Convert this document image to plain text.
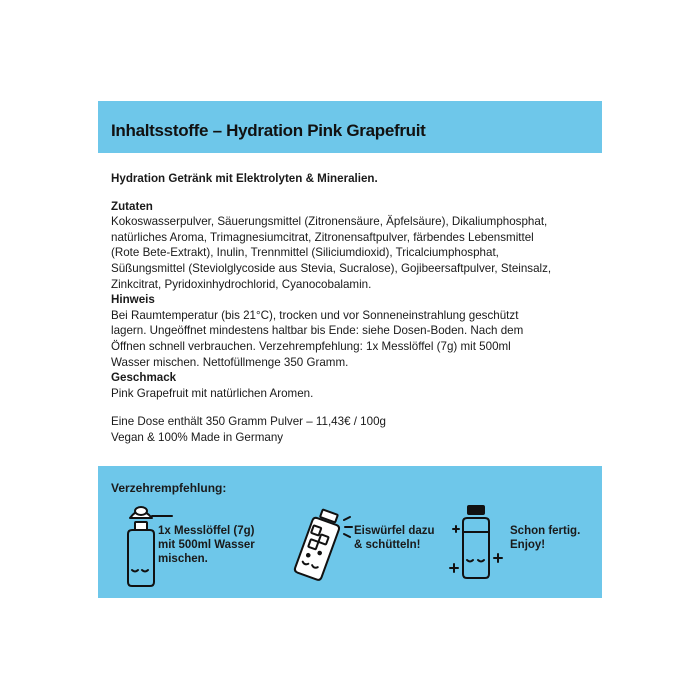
Inhaltsstoffe – Hydration Pink Grapefruit

Hydration Getränk mit Elektrolyten & Mineralien.

Zutaten

Kokoswasserpulver, Säuerungsmittel (Zitronensäure, Äpfelsäure), Dikaliumphosphat,

natürliches Aroma, Trimagnesiumcitrat, Zitronensaftpulver, färbendes Lebensmittel

(Rote Bete-Extrakt), Inulin, Trennmittel (Siliciumdioxid), Tricalciumphosphat,

Süßungsmittel (Steviolglycoside aus Stevia, Sucralose), Gojibeersaftpulver, Steinsalz,

Zinkcitrat, Pyridoxinhydrochlorid, Cyanocobalamin.

Hinweis

Bei Raumtemperatur (bis 21°C), trocken und vor Sonneneinstrahlung geschützt

lagern. Ungeöffnet mindestens haltbar bis Ende: siehe Dosen-Boden. Nach dem

Öffnen schnell verbrauchen. Verzehrempfehlung: 1x Messlöffel (7g) mit 500ml

Wasser mischen. Nettofüllmenge 350 Gramm.

Geschmack

Pink Grapefruit mit natürlichen Aromen.

Eine Dose enthält 350 Gramm Pulver – 11,43€ / 100g

Vegan & 100% Made in Germany

Verzehrempfehlung:
1x Messlöffel (7g)
mit 500ml Wasser
mischen.
Eiswürfel dazu
& schütteln!
Schon fertig.
Enjoy!
